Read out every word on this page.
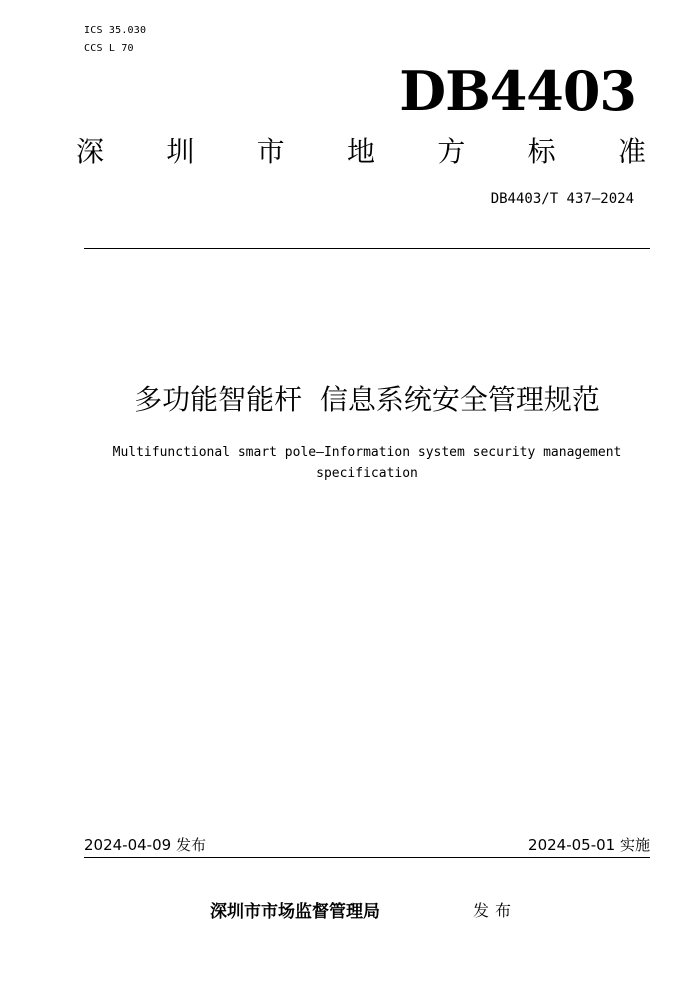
ICS 35.030
CCS L 70
DB4403
深 圳 市 地 方 标 准
DB4403/T 437—2024
多功能智能杆  信息系统安全管理规范
Multifunctional smart pole—Information system security management
specification
2024-04-09 发布	2024-05-01 实施
深圳市市场监督管理局	发布
